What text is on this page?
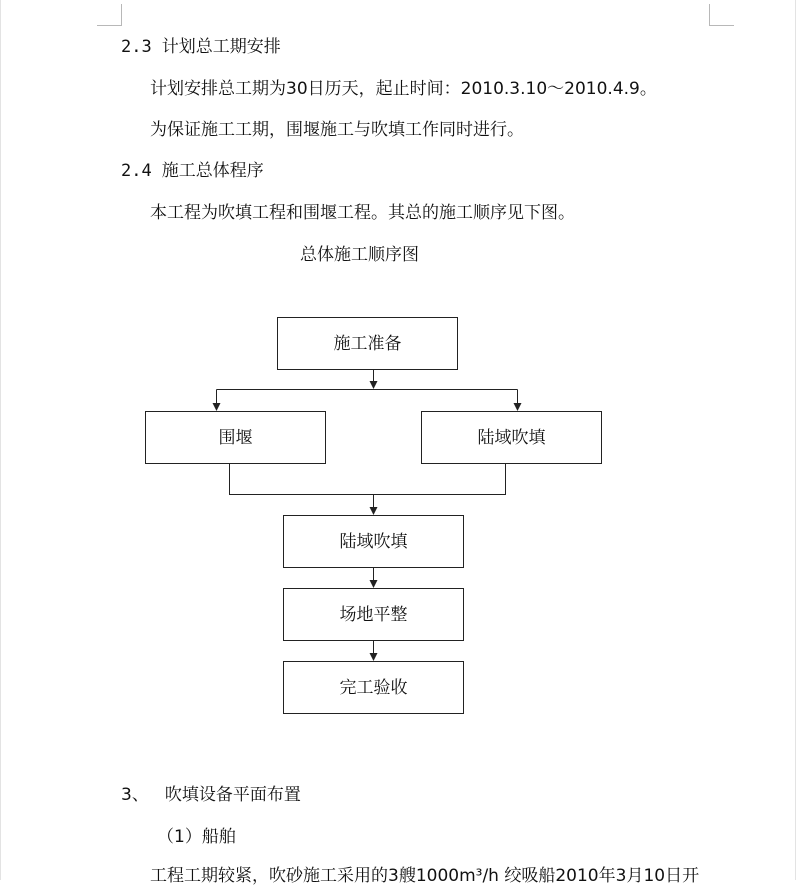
2.3 计划总工期安排
计划安排总工期为30日历天，起止时间：2010.3.10～2010.4.9。
为保证施工工期，围堰施工与吹填工作同时进行。
2.4 施工总体程序
本工程为吹填工程和围堰工程。其总的施工顺序见下图。
总体施工顺序图
施工准备
围堰	陆域吹填
陆域吹填
场地平整
完工验收
3、 吹填设备平面布置
（1）船舶
工程工期较紧，吹砂施工采用的3艘1000m³/h 绞吸船2010年3月10日开
